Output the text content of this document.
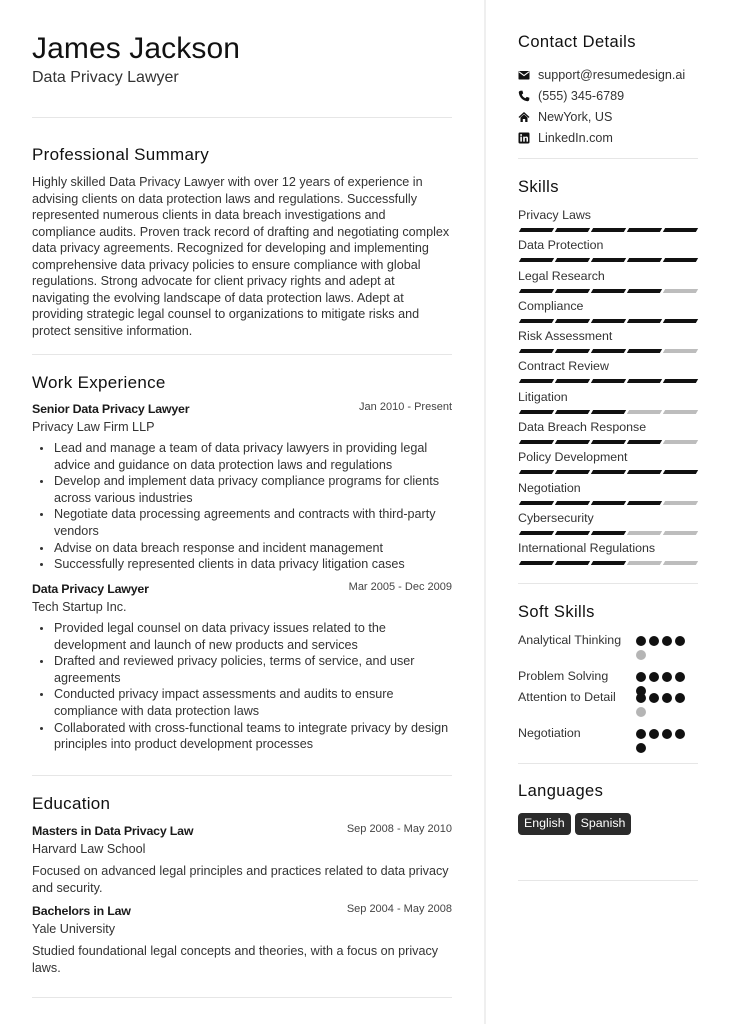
James Jackson
Data Privacy Lawyer
Professional Summary
Highly skilled Data Privacy Lawyer with over 12 years of experience in advising clients on data protection laws and regulations. Successfully represented numerous clients in data breach investigations and compliance audits. Proven track record of drafting and negotiating complex data privacy agreements. Recognized for developing and implementing comprehensive data privacy policies to ensure compliance with global regulations. Strong advocate for client privacy rights and adept at navigating the evolving landscape of data protection laws. Adept at providing strategic legal counsel to organizations to mitigate risks and protect sensitive information.
Work Experience
Senior Data Privacy Lawyer	Jan 2010 - Present
Privacy Law Firm LLP
Lead and manage a team of data privacy lawyers in providing legal advice and guidance on data protection laws and regulations
Develop and implement data privacy compliance programs for clients across various industries
Negotiate data processing agreements and contracts with third-party vendors
Advise on data breach response and incident management
Successfully represented clients in data privacy litigation cases
Data Privacy Lawyer	Mar 2005 - Dec 2009
Tech Startup Inc.
Provided legal counsel on data privacy issues related to the development and launch of new products and services
Drafted and reviewed privacy policies, terms of service, and user agreements
Conducted privacy impact assessments and audits to ensure compliance with data protection laws
Collaborated with cross-functional teams to integrate privacy by design principles into product development processes
Education
Masters in Data Privacy Law	Sep 2008 - May 2010
Harvard Law School
Focused on advanced legal principles and practices related to data privacy and security.
Bachelors in Law	Sep 2004 - May 2008
Yale University
Studied foundational legal concepts and theories, with a focus on privacy laws.
Contact Details
support@resumedesign.ai
(555) 345-6789
NewYork, US
LinkedIn.com
Skills
Privacy Laws
Data Protection
Legal Research
Compliance
Risk Assessment
Contract Review
Litigation
Data Breach Response
Policy Development
Negotiation
Cybersecurity
International Regulations
Soft Skills
Analytical Thinking
Problem Solving
Attention to Detail
Negotiation
Languages
English	Spanish
